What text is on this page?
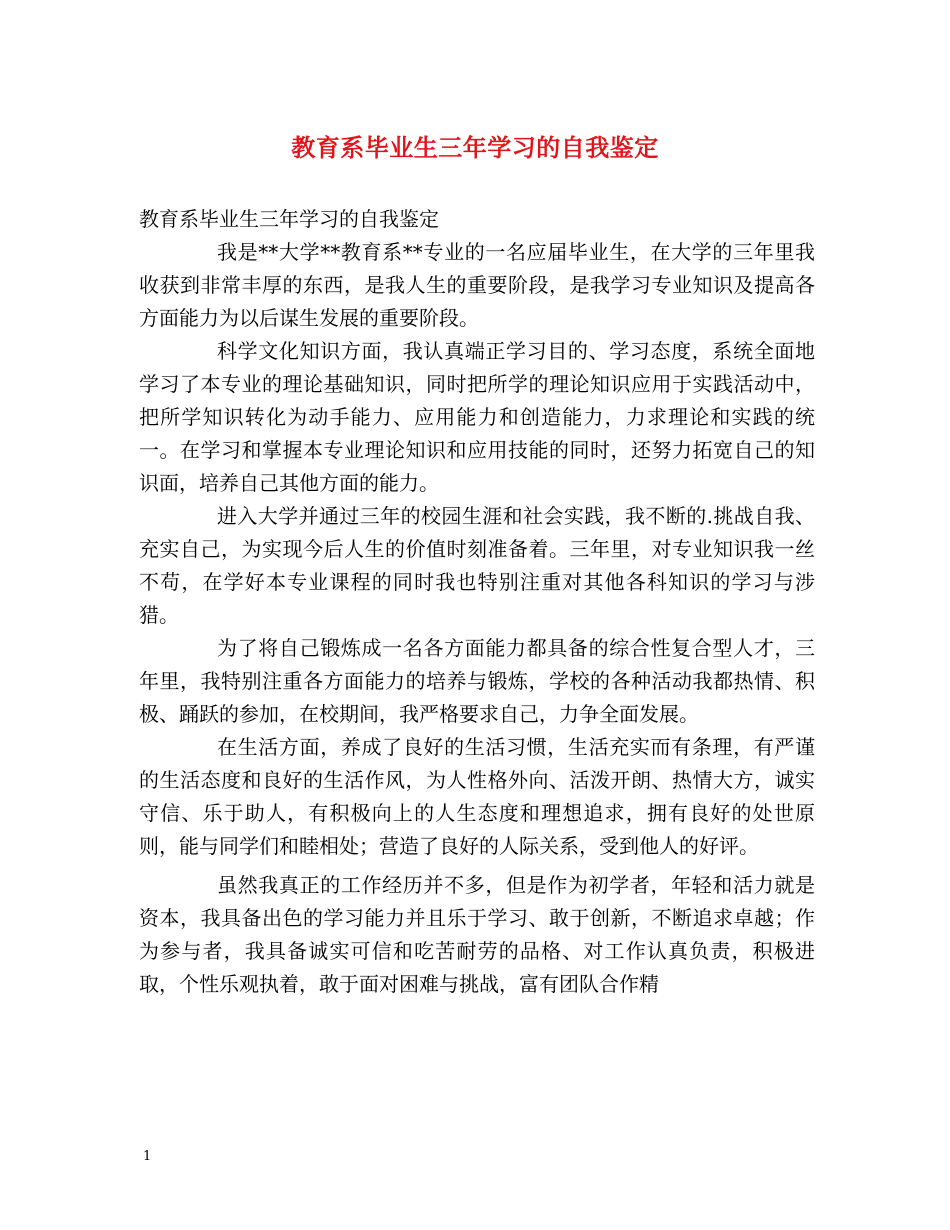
教育系毕业生三年学习的自我鉴定

教育系毕业生三年学习的自我鉴定

我是**大学**教育系**专业的一名应届毕业生，在大学的三年里我收获到非常丰厚的东西，是我人生的重要阶段，是我学习专业知识及提高各方面能力为以后谋生发展的重要阶段。

科学文化知识方面，我认真端正学习目的、学习态度，系统全面地学习了本专业的理论基础知识，同时把所学的理论知识应用于实践活动中，把所学知识转化为动手能力、应用能力和创造能力，力求理论和实践的统一。在学习和掌握本专业理论知识和应用技能的同时，还努力拓宽自己的知识面，培养自己其他方面的能力。

进入大学并通过三年的校园生涯和社会实践，我不断的.挑战自我、充实自己，为实现今后人生的价值时刻准备着。三年里，对专业知识我一丝不苟，在学好本专业课程的同时我也特别注重对其他各科知识的学习与涉猎。

为了将自己锻炼成一名各方面能力都具备的综合性复合型人才，三年里，我特别注重各方面能力的培养与锻炼，学校的各种活动我都热情、积极、踊跃的参加，在校期间，我严格要求自己，力争全面发展。

在生活方面，养成了良好的生活习惯，生活充实而有条理，有严谨的生活态度和良好的生活作风，为人性格外向、活泼开朗、热情大方，诚实守信、乐于助人，有积极向上的人生态度和理想追求，拥有良好的处世原则，能与同学们和睦相处；营造了良好的人际关系，受到他人的好评。

虽然我真正的工作经历并不多，但是作为初学者，年轻和活力就是资本，我具备出色的学习能力并且乐于学习、敢于创新，不断追求卓越；作为参与者，我具备诚实可信和吃苦耐劳的品格、对工作认真负责，积极进取，个性乐观执着，敢于面对困难与挑战，富有团队合作精

1
